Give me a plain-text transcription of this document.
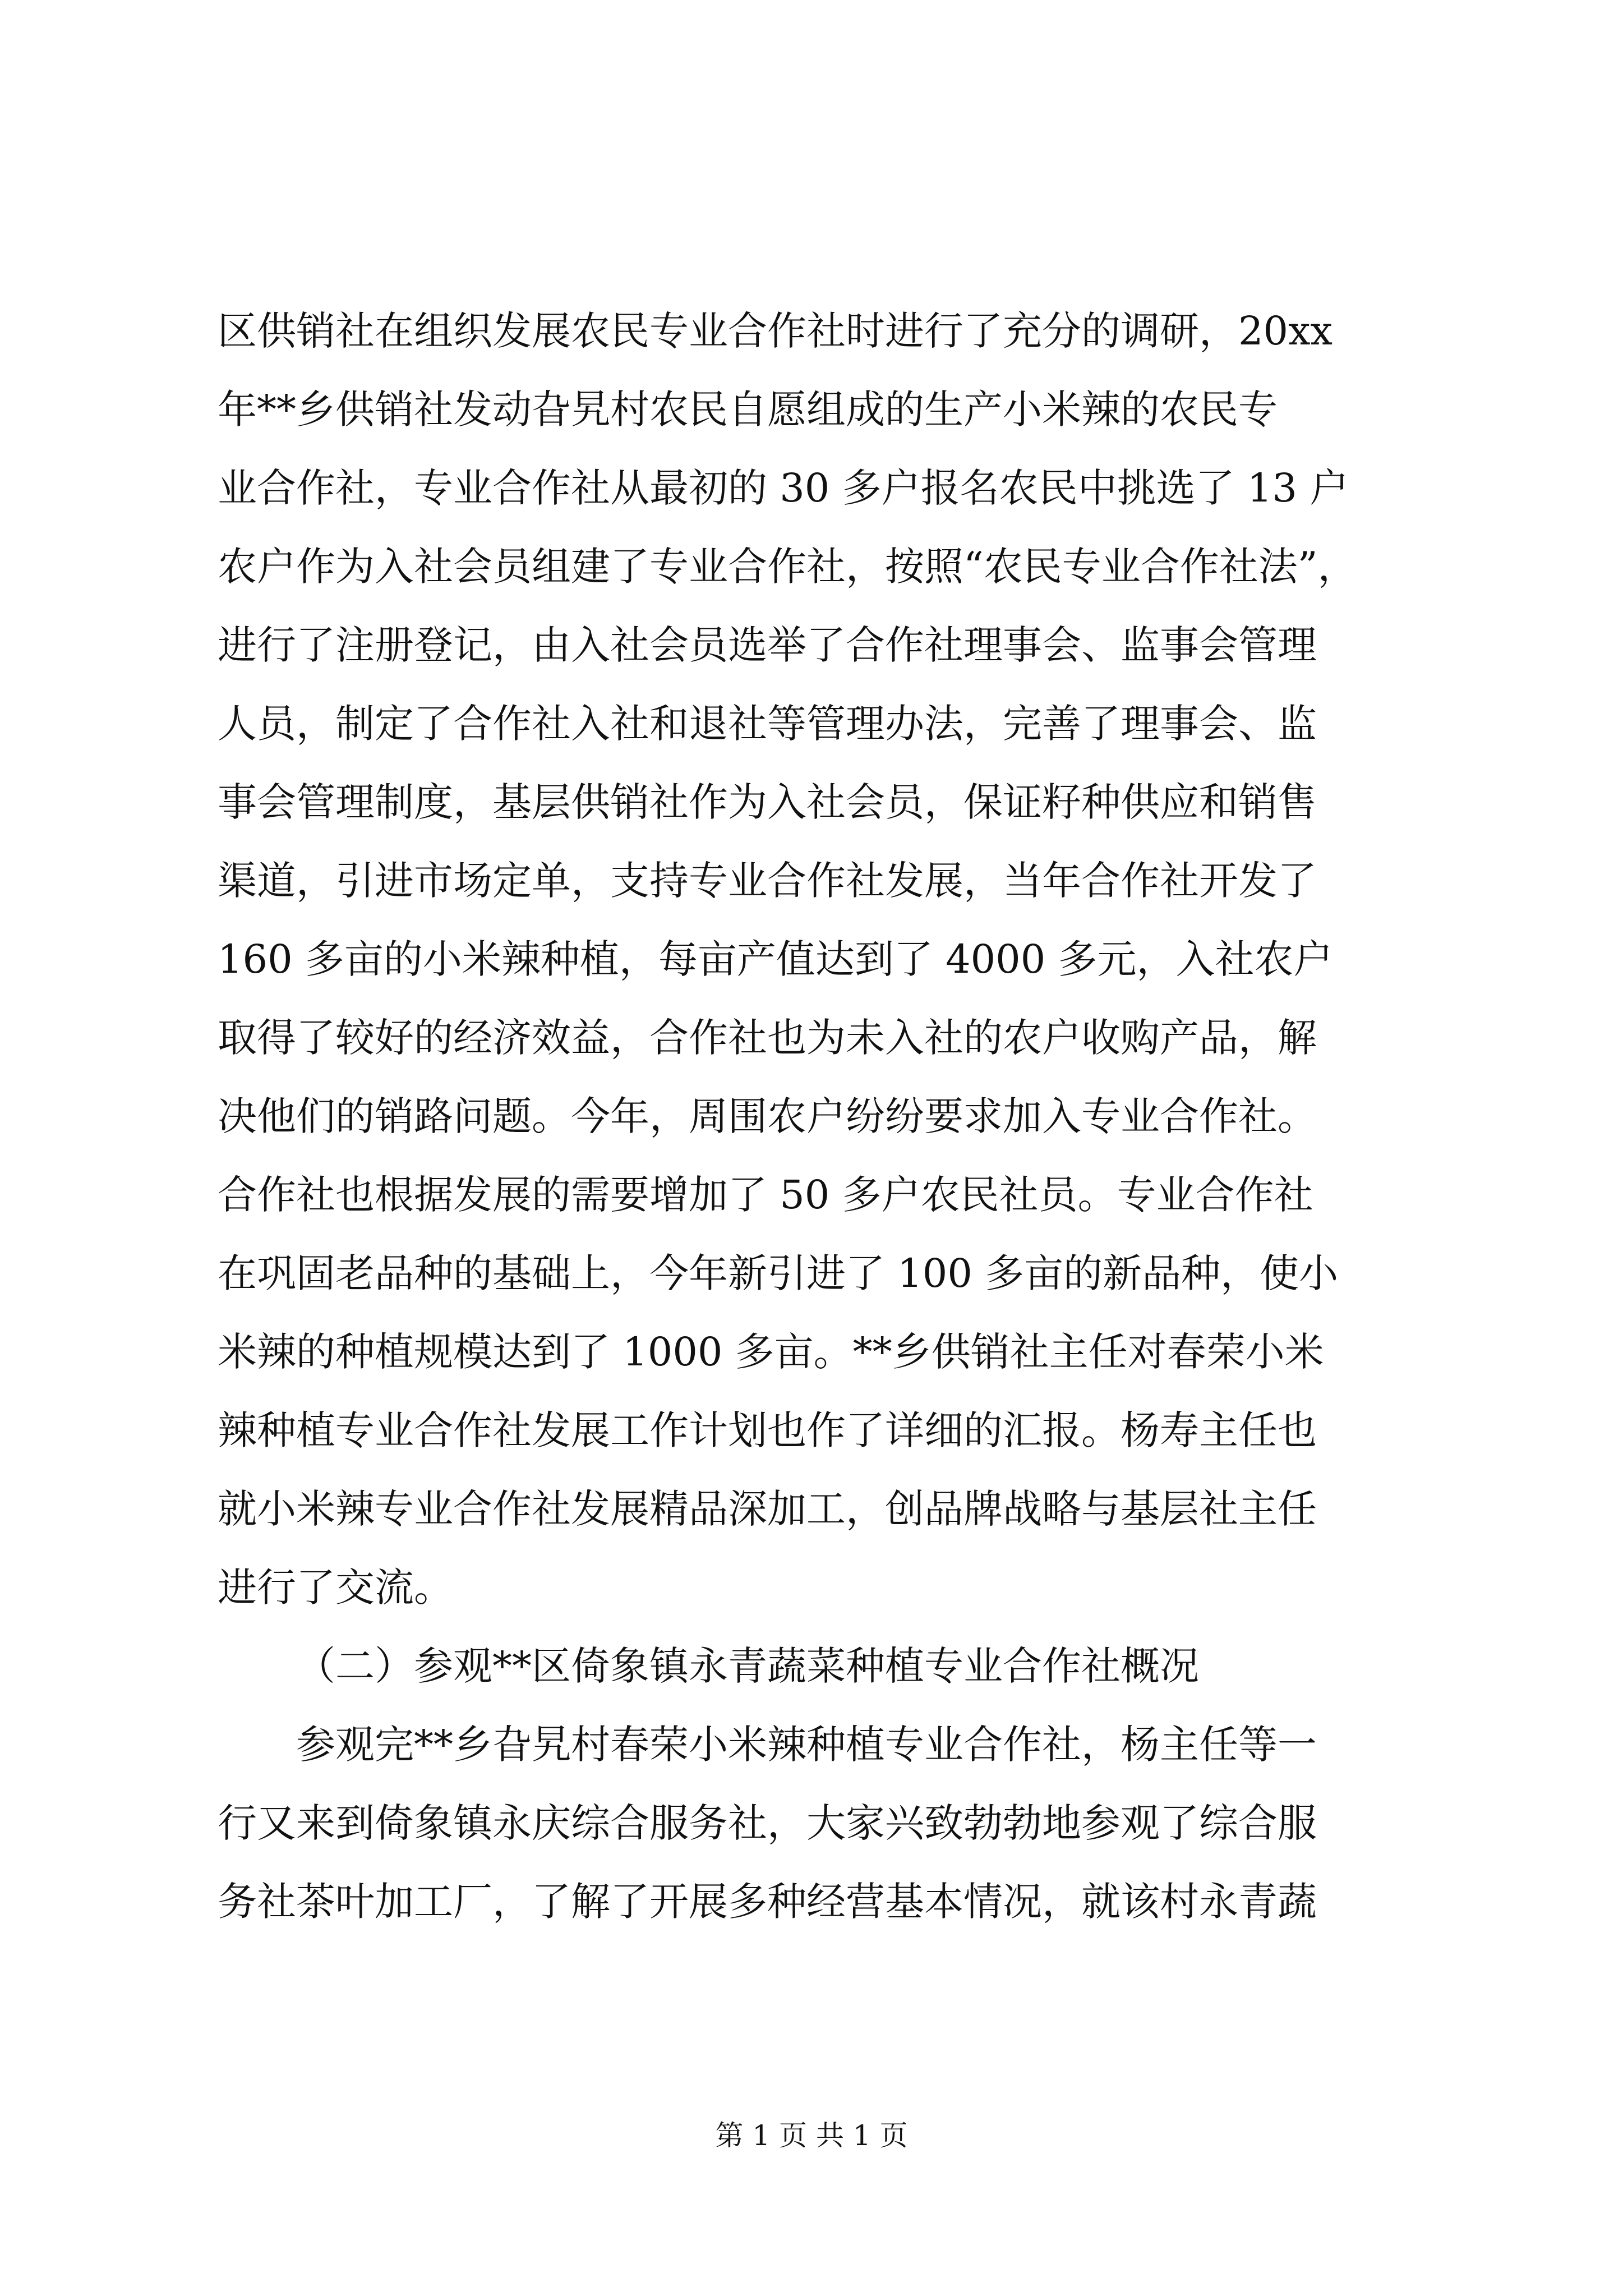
区供销社在组织发展农民专业合作社时进行了充分的调研，20xx
年**乡供销社发动旮旯村农民自愿组成的生产小米辣的农民专
业合作社，专业合作社从最初的 30 多户报名农民中挑选了 13 户
农户作为入社会员组建了专业合作社，按照“农民专业合作社法”，
进行了注册登记，由入社会员选举了合作社理事会、监事会管理
人员，制定了合作社入社和退社等管理办法，完善了理事会、监
事会管理制度，基层供销社作为入社会员，保证籽种供应和销售
渠道，引进市场定单，支持专业合作社发展，当年合作社开发了
160 多亩的小米辣种植，每亩产值达到了 4000 多元，入社农户
取得了较好的经济效益，合作社也为未入社的农户收购产品，解
决他们的销路问题。今年，周围农户纷纷要求加入专业合作社。
合作社也根据发展的需要增加了 50 多户农民社员。专业合作社
在巩固老品种的基础上，今年新引进了 100 多亩的新品种，使小
米辣的种植规模达到了 1000 多亩。**乡供销社主任对春荣小米
辣种植专业合作社发展工作计划也作了详细的汇报。杨寿主任也
就小米辣专业合作社发展精品深加工，创品牌战略与基层社主任
进行了交流。
（二）参观**区倚象镇永青蔬菜种植专业合作社概况
参观完**乡旮旯村春荣小米辣种植专业合作社，杨主任等一
行又来到倚象镇永庆综合服务社，大家兴致勃勃地参观了综合服
务社茶叶加工厂，了解了开展多种经营基本情况，就该村永青蔬
第 1 页 共 1 页
